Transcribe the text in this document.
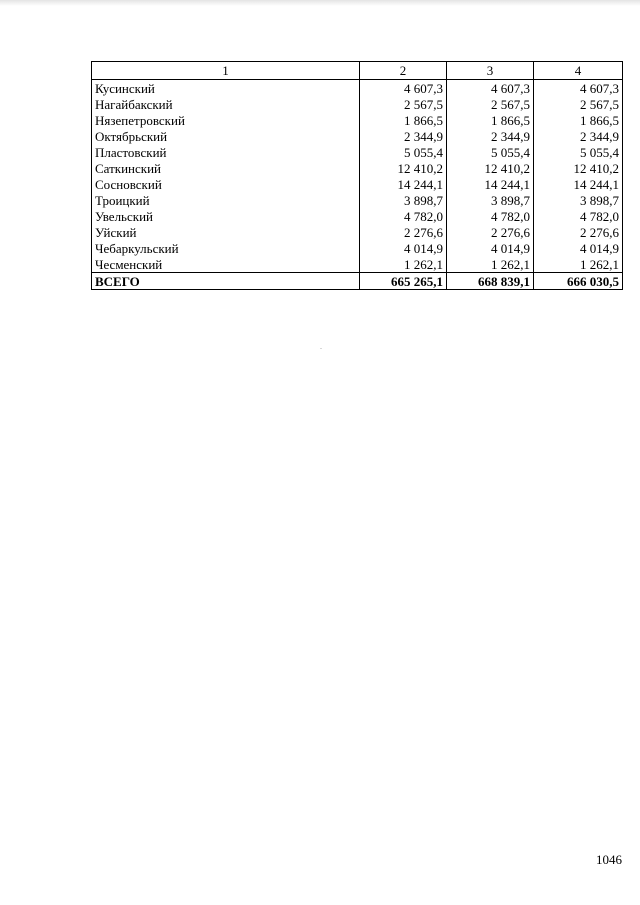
1	2	3	4
Кусинский	4 607,3	4 607,3	4 607,3
Нагайбакский	2 567,5	2 567,5	2 567,5
Нязепетровский	1 866,5	1 866,5	1 866,5
Октябрьский	2 344,9	2 344,9	2 344,9
Пластовский	5 055,4	5 055,4	5 055,4
Саткинский	12 410,2	12 410,2	12 410,2
Сосновский	14 244,1	14 244,1	14 244,1
Троицкий	3 898,7	3 898,7	3 898,7
Увельский	4 782,0	4 782,0	4 782,0
Уйский	2 276,6	2 276,6	2 276,6
Чебаркульский	4 014,9	4 014,9	4 014,9
Чесменский	1 262,1	1 262,1	1 262,1
ВСЕГО	665 265,1	668 839,1	666 030,5
1046
